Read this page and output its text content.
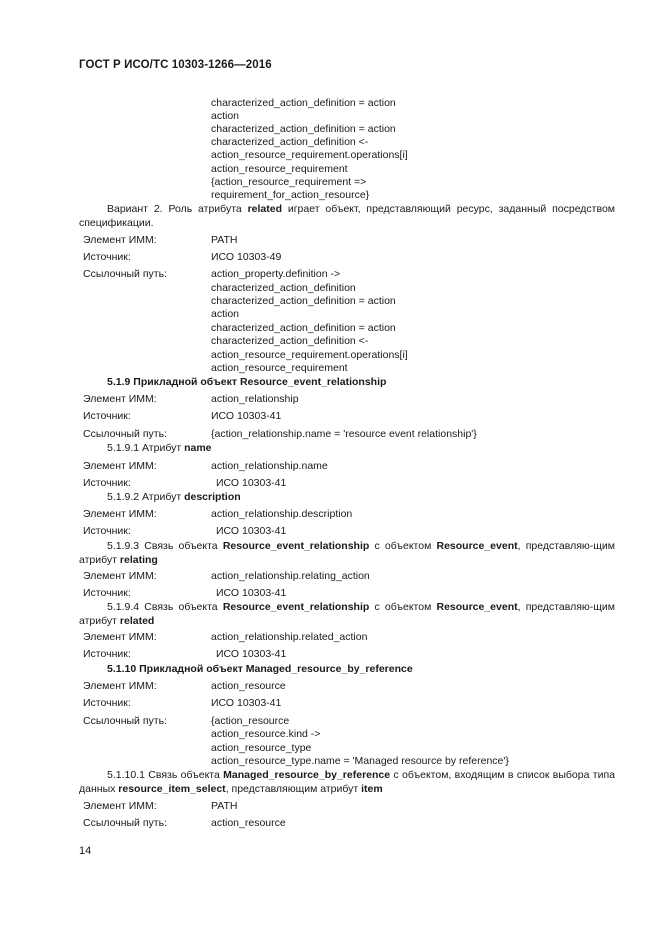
ГОСТ Р ИСО/ТС 10303-1266—2016
characterized_action_definition = action
action
characterized_action_definition = action
characterized_action_definition <-
action_resource_requirement.operations[i]
action_resource_requirement
{action_resource_requirement =>
requirement_for_action_resource}
Вариант 2. Роль атрибута related играет объект, представляющий ресурс, заданный посредством спецификации.
Элемент ИММ:	PATH
Источник:	ИСО 10303-49
Ссылочный путь:	action_property.definition ->
characterized_action_definition
characterized_action_definition = action
action
characterized_action_definition = action
characterized_action_definition <-
action_resource_requirement.operations[i]
action_resource_requirement
5.1.9 Прикладной объект Resource_event_relationship
Элемент ИММ:	action_relationship
Источник:	ИСО 10303-41
Ссылочный путь:	{action_relationship.name = 'resource event relationship'}
5.1.9.1 Атрибут name
Элемент ИММ:	action_relationship.name
Источник:	ИСО 10303-41
5.1.9.2 Атрибут description
Элемент ИММ:	action_relationship.description
Источник:	ИСО 10303-41
5.1.9.3 Связь объекта Resource_event_relationship с объектом Resource_event, представляю-щим атрибут relating
Элемент ИММ:	action_relationship.relating_action
Источник:	ИСО 10303-41
5.1.9.4 Связь объекта Resource_event_relationship с объектом Resource_event, представляю-щим атрибут related
Элемент ИММ:	action_relationship.related_action
Источник:	ИСО 10303-41
5.1.10 Прикладной объект Managed_resource_by_reference
Элемент ИММ:	action_resource
Источник:	ИСО 10303-41
Ссылочный путь:	{action_resource
action_resource.kind ->
action_resource_type
action_resource_type.name = 'Managed resource by reference'}
5.1.10.1 Связь объекта Managed_resource_by_reference с объектом, входящим в список выбора типа данных resource_item_select, представляющим атрибут item
Элемент ИММ:	PATH
Ссылочный путь:	action_resource
14
